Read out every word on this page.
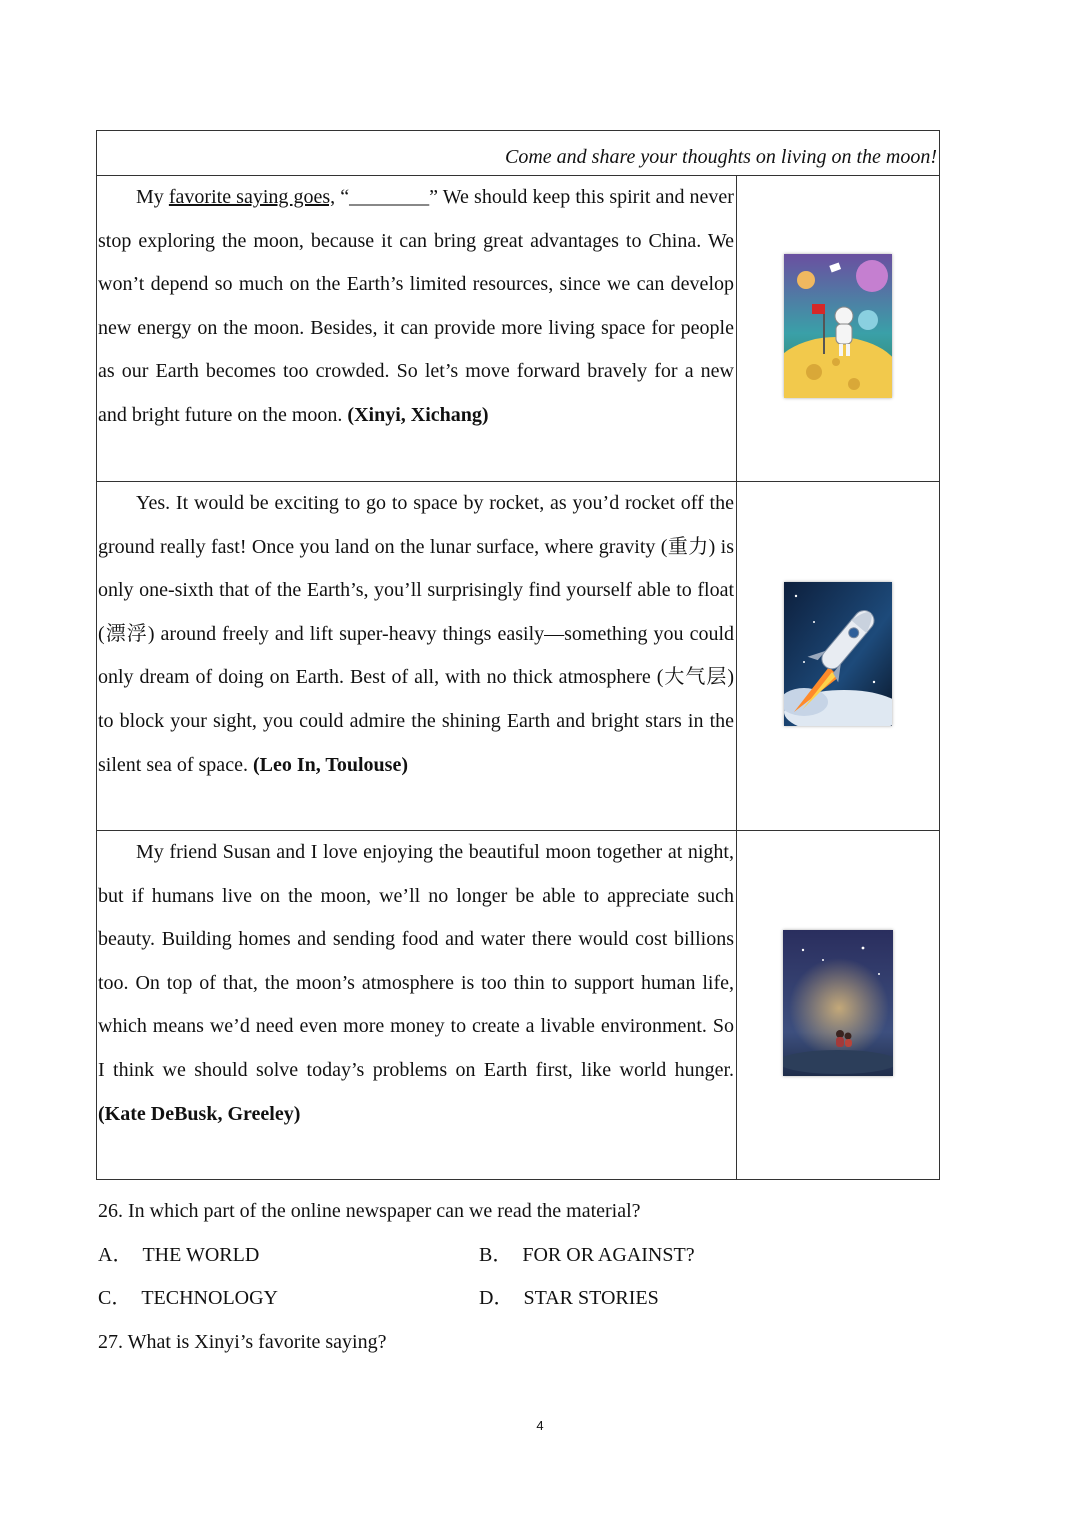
Come and share your thoughts on living on the moon!	

My favorite saying goes, “________” We should keep this spirit and never stop exploring the moon, because it can bring great advantages to China. We won’t depend so much on the Earth’s limited resources, since we can develop new energy on the moon. Besides, it can provide more living space for people as our Earth becomes too crowded. So let’s move forward bravely for a new and bright future on the moon. (Xinyi, Xichang)

Yes. It would be exciting to go to space by rocket, as you’d rocket off the ground really fast! Once you land on the lunar surface, where gravity (重力) is only one-sixth that of the Earth’s, you’ll surprisingly find yourself able to float (漂浮) around freely and lift super-heavy things easily—something you could only dream of doing on Earth. Best of all, with no thick atmosphere (大气层) to block your sight, you could admire the shining Earth and bright stars in the silent sea of space. (Leo In, Toulouse)

My friend Susan and I love enjoying the beautiful moon together at night, but if humans live on the moon, we’ll no longer be able to appreciate such beauty. Building homes and sending food and water there would cost billions too. On top of that, the moon’s atmosphere is too thin to support human life, which means we’d need even more money to create a livable environment. So I think we should solve today’s problems on Earth first, like world hunger. (Kate DeBusk, Greeley)

26. In which part of the online newspaper can we read the material?
A． THE WORLD	B． FOR OR AGAINST?
C． TECHNOLOGY	D． STAR STORIES
27. What is Xinyi’s favorite saying?
4
